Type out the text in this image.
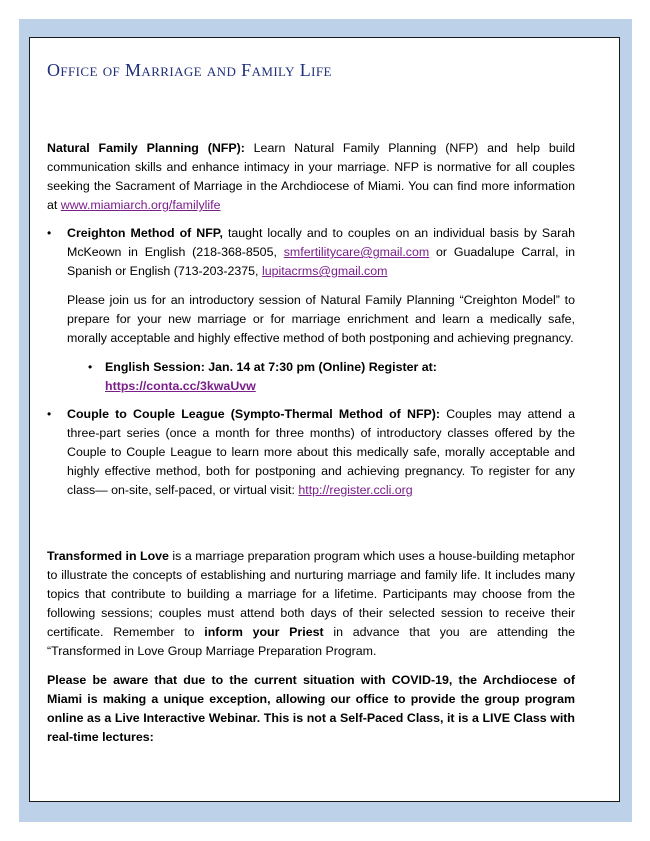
Office of Marriage and Family Life

Natural Family Planning (NFP): Learn Natural Family Planning (NFP) and help build communication skills and enhance intimacy in your marriage. NFP is normative for all couples seeking the Sacrament of Marriage in the Archdiocese of Miami. You can find more information at www.miamiarch.org/familylife

• Creighton Method of NFP, taught locally and to couples on an individual basis by Sarah McKeown in English (218-368-8505, smfertilitycare@gmail.com or Guadalupe Carral, in Spanish or English (713-203-2375, lupitacrms@gmail.com

Please join us for an introductory session of Natural Family Planning “Creighton Model” to prepare for your new marriage or for marriage enrichment and learn a medically safe, morally acceptable and highly effective method of both postponing and achieving pregnancy.

• English Session: Jan. 14 at 7:30 pm (Online) Register at: https://conta.cc/3kwaUvw

• Couple to Couple League (Sympto-Thermal Method of NFP): Couples may attend a three-part series (once a month for three months) of introductory classes offered by the Couple to Couple League to learn more about this medically safe, morally acceptable and highly effective method, both for postponing and achieving pregnancy. To register for any class— on-site, self-paced, or virtual visit: http://register.ccli.org

Transformed in Love is a marriage preparation program which uses a house-building metaphor to illustrate the concepts of establishing and nurturing marriage and family life. It includes many topics that contribute to building a marriage for a lifetime. Participants may choose from the following sessions; couples must attend both days of their selected session to receive their certificate. Remember to inform your Priest in advance that you are attending the “Transformed in Love Group Marriage Preparation Program.

Please be aware that due to the current situation with COVID-19, the Archdiocese of Miami is making a unique exception, allowing our office to provide the group program online as a Live Interactive Webinar. This is not a Self-Paced Class, it is a LIVE Class with real-time lectures:
